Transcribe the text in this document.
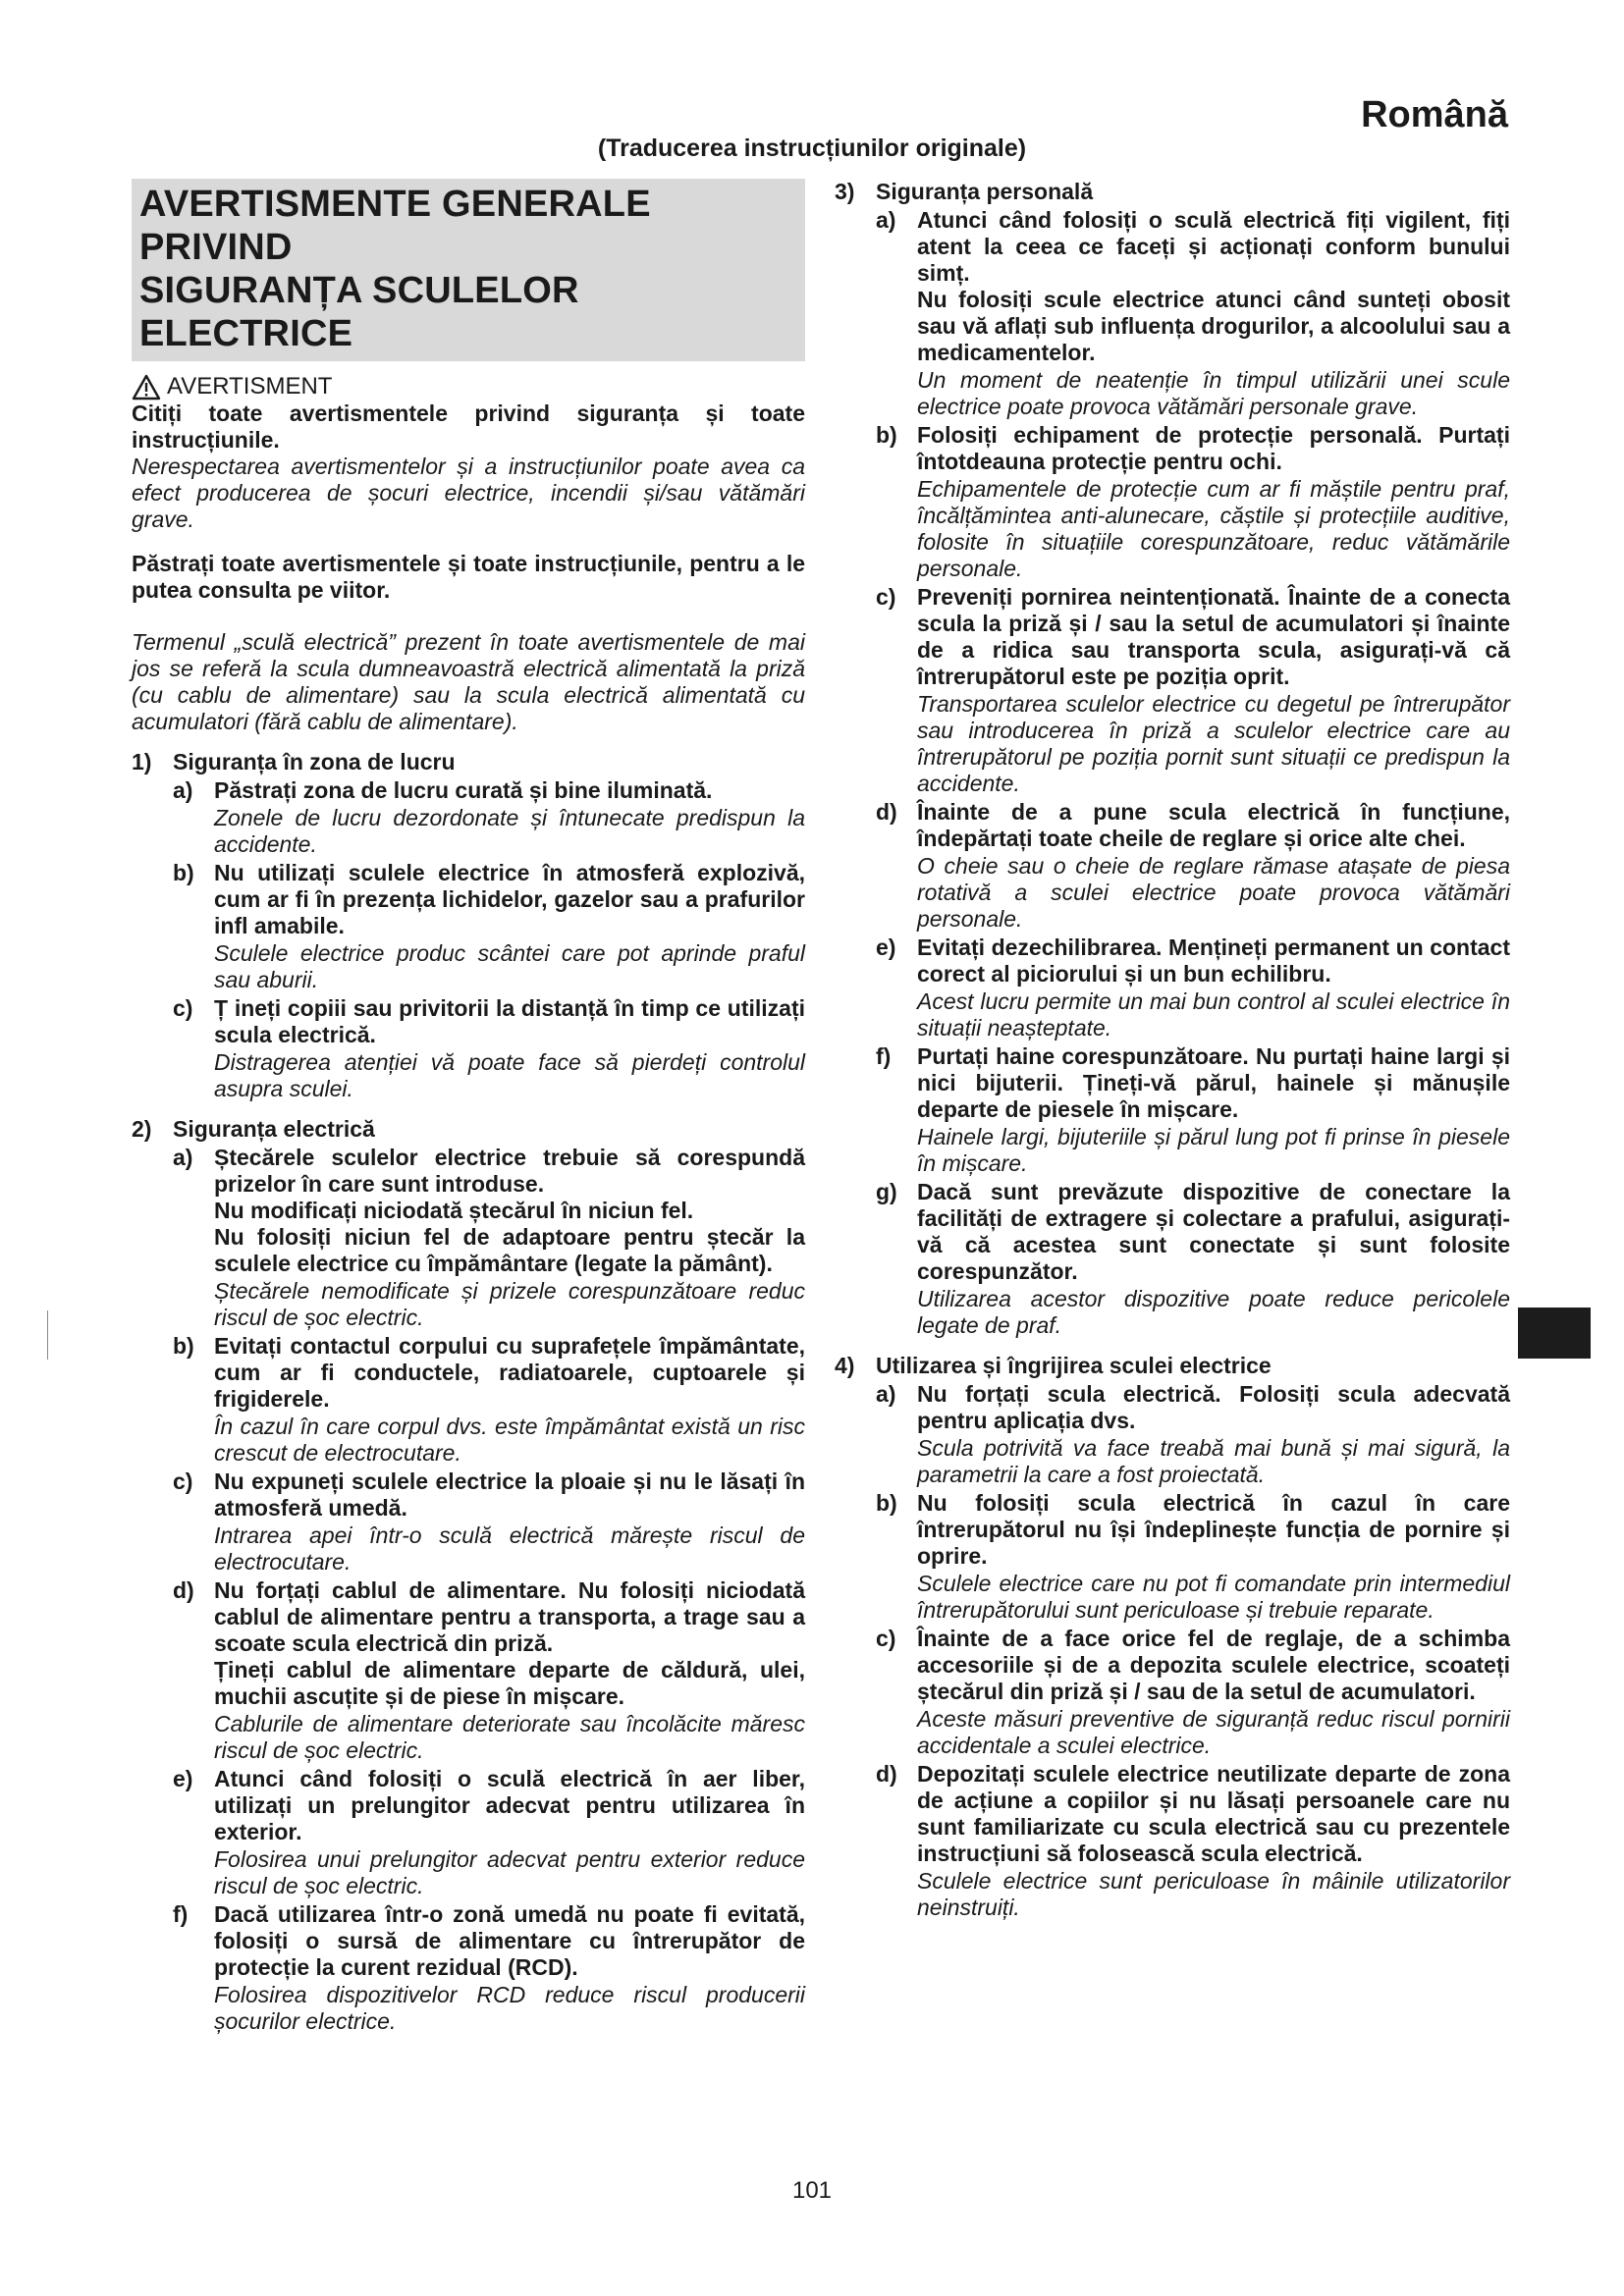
Română
(Traducerea instrucțiunilor originale)
AVERTISMENTE GENERALE PRIVIND
SIGURANȚA SCULELOR ELECTRICE
AVERTISMENT
Citiți toate avertismentele privind siguranța și toate instrucțiunile.
Nerespectarea avertismentelor și a instrucțiunilor poate avea ca efect producerea de șocuri electrice, incendii și/sau vătămări grave.
Păstrați toate avertismentele și toate instrucțiunile, pentru a le putea consulta pe viitor.
Termenul „sculă electrică” prezent în toate avertismentele de mai jos se referă la scula dumneavoastră electrică alimentată la priză (cu cablu de alimentare) sau la scula electrică alimentată cu acumulatori (fără cablu de alimentare).
1) Siguranța în zona de lucru
a) Păstrați zona de lucru curată și bine iluminată.
Zonele de lucru dezordonate și întunecate predispun la accidente.
b) Nu utilizați sculele electrice în atmosferă explozivă, cum ar fi în prezența lichidelor, gazelor sau a prafurilor infl amabile.
Sculele electrice produc scântei care pot aprinde praful sau aburii.
c) Ț ineți copiii sau privitorii la distanță în timp ce utilizați scula electrică.
Distragerea atenției vă poate face să pierdeți controlul asupra sculei.
2) Siguranța electrică
a) Ștecărele sculelor electrice trebuie să corespundă prizelor în care sunt introduse.
Nu modificați niciodată ștecărul în niciun fel.
Nu folosiți niciun fel de adaptoare pentru ștecăr la sculele electrice cu împământare (legate la pământ).
Ștecărele nemodificate și prizele corespunzătoare reduc riscul de șoc electric.
b) Evitați contactul corpului cu suprafețele împământate, cum ar fi conductele, radiatoarele, cuptoarele și frigiderele.
În cazul în care corpul dvs. este împământat există un risc crescut de electrocutare.
c) Nu expuneți sculele electrice la ploaie și nu le lăsați în atmosferă umedă.
Intrarea apei într-o sculă electrică mărește riscul de electrocutare.
d) Nu forțați cablul de alimentare. Nu folosiți niciodată cablul de alimentare pentru a transporta, a trage sau a scoate scula electrică din priză.
Țineți cablul de alimentare departe de căldură, ulei, muchii ascuțite și de piese în mișcare.
Cablurile de alimentare deteriorate sau încolăcite măresc riscul de șoc electric.
e) Atunci când folosiți o sculă electrică în aer liber, utilizați un prelungitor adecvat pentru utilizarea în exterior.
Folosirea unui prelungitor adecvat pentru exterior reduce riscul de șoc electric.
f)	Dacă utilizarea într-o zonă umedă nu poate fi evitată, folosiți o sursă de alimentare cu întrerupător de protecție la curent rezidual (RCD).
Folosirea dispozitivelor RCD reduce riscul producerii șocurilor electrice.
3) Siguranța personală
a) Atunci când folosiți o sculă electrică fiți vigilent, fiți atent la ceea ce faceți și acționați conform bunului simț.
Nu folosiți scule electrice atunci când sunteți obosit sau vă aflați sub influența drogurilor, a alcoolului sau a medicamentelor.
Un moment de neatenție în timpul utilizării unei scule electrice poate provoca vătămări personale grave.
b) Folosiți echipament de protecție personală. Purtați întotdeauna protecție pentru ochi.
Echipamentele de protecție cum ar fi măștile pentru praf, încălțămintea anti-alunecare, căștile și protecțiile auditive, folosite în situațiile corespunzătoare, reduc vătămările personale.
c) Preveniți pornirea neintenționată. Înainte de a conecta scula la priză și / sau la setul de acumulatori și înainte de a ridica sau transporta scula, asigurați-vă că întrerupătorul este pe poziția oprit.
Transportarea sculelor electrice cu degetul pe întrerupător sau introducerea în priză a sculelor electrice care au întrerupătorul pe poziția pornit sunt situații ce predispun la accidente.
d) Înainte de a pune scula electrică în funcțiune, îndepărtați toate cheile de reglare și orice alte chei.
O cheie sau o cheie de reglare rămase atașate de piesa rotativă a sculei electrice poate provoca vătămări personale.
e) Evitați dezechilibrarea. Mențineți permanent un contact corect al piciorului și un bun echilibru.
Acest lucru permite un mai bun control al sculei electrice în situații neașteptate.
f)	Purtați haine corespunzătoare. Nu purtați haine largi și nici bijuterii. Țineți-vă părul, hainele și mănușile departe de piesele în mișcare.
Hainele largi, bijuteriile și părul lung pot fi prinse în piesele în mișcare.
g) Dacă sunt prevăzute dispozitive de conectare la facilități de extragere și colectare a prafului, asigurați-vă că acestea sunt conectate și sunt folosite corespunzător.
Utilizarea acestor dispozitive poate reduce pericolele legate de praf.
4) Utilizarea și îngrijirea sculei electrice
a) Nu forțați scula electrică. Folosiți scula adecvată pentru aplicația dvs.
Scula potrivită va face treabă mai bună și mai sigură, la parametrii la care a fost proiectată.
b) Nu folosiți scula electrică în cazul în care întrerupătorul nu își îndeplinește funcția de pornire și oprire.
Sculele electrice care nu pot fi comandate prin intermediul întrerupătorului sunt periculoase și trebuie reparate.
c) Înainte de a face orice fel de reglaje, de a schimba accesoriile și de a depozita sculele electrice, scoateți ștecărul din priză și / sau de la setul de acumulatori.
Aceste măsuri preventive de siguranță reduc riscul pornirii accidentale a sculei electrice.
d) Depozitați sculele electrice neutilizate departe de zona de acțiune a copiilor și nu lăsați persoanele care nu sunt familiarizate cu scula electrică sau cu prezentele instrucțiuni să folosească scula electrică.
Sculele electrice sunt periculoase în mâinile utilizatorilor neinstruiți.
101
